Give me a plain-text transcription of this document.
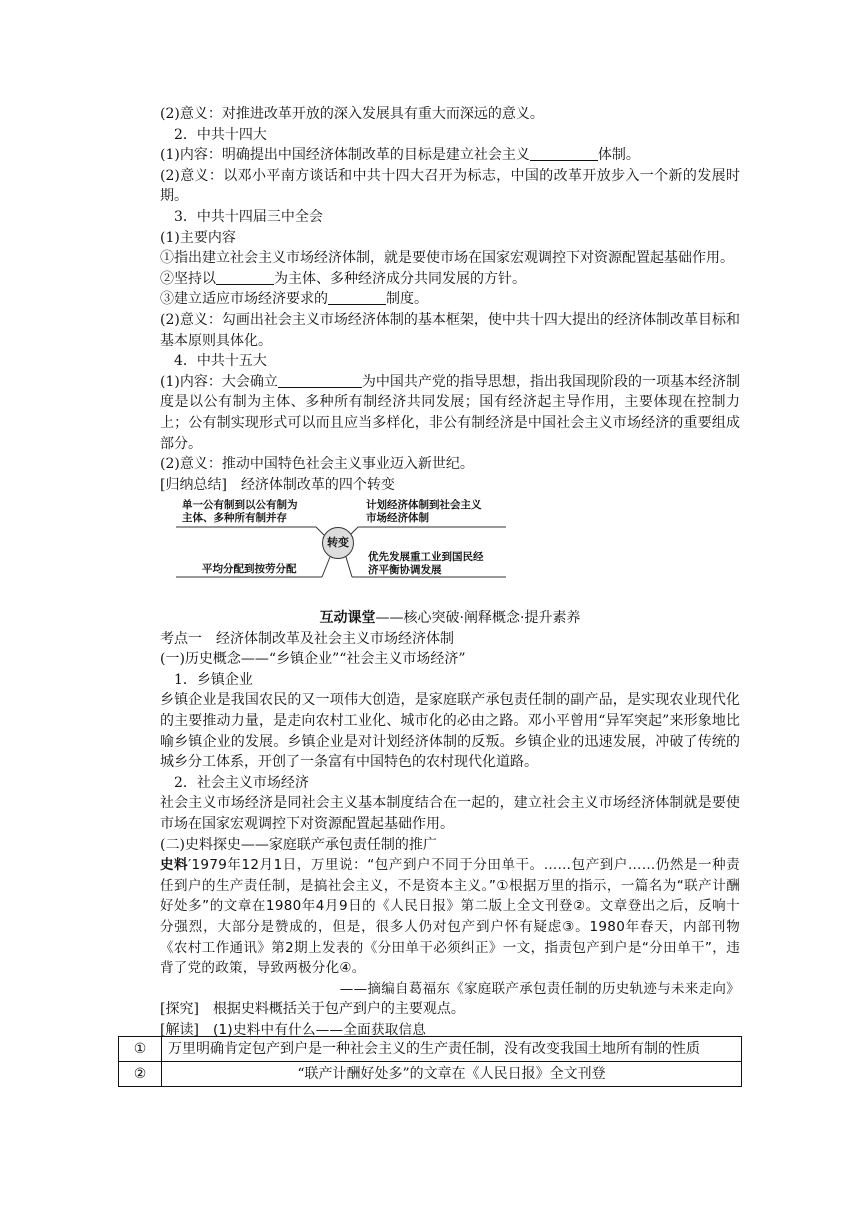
(2)意义：对推进改革开放的深入发展具有重大而深远的意义。

2．中共十四大

(1)内容：明确提出中国经济体制改革的目标是建立社会主义	体制。

(2)意义：以邓小平南方谈话和中共十四大召开为标志，中国的改革开放步入一个新的发展时期。

3．中共十四届三中全会

(1)主要内容

①指出建立社会主义市场经济体制，就是要使市场在国家宏观调控下对资源配置起基础作用。

②坚持以	为主体、多种经济成分共同发展的方针。

③建立适应市场经济要求的	制度。

(2)意义：勾画出社会主义市场经济体制的基本框架，使中共十四大提出的经济体制改革目标和基本原则具体化。

4．中共十五大

(1)内容：大会确立	为中国共产党的指导思想，指出我国现阶段的一项基本经济制度是以公有制为主体、多种所有制经济共同发展；国有经济起主导作用，主要体现在控制力上；公有制实现形式可以而且应当多样化，非公有制经济是中国社会主义市场经济的重要组成部分。

(2)意义：推动中国特色社会主义事业迈入新世纪。

[归纳总结]　 经济体制改革的四个转变

单一公有制到以公有制为
主体、多种所有制并存
计划经济体制到社会主义
市场经济体制
平均分配到按劳分配
优先发展重工业到国民经
济平衡协调发展
转变

互动课堂——核心突破·阐释概念·提升素养

考点一　经济体制改革及社会主义市场经济体制

(一)历史概念——“乡镇企业”“社会主义市场经济”

1．乡镇企业

乡镇企业是我国农民的又一项伟大创造，是家庭联产承包责任制的副产品，是实现农业现代化的主要推动力量，是走向农村工业化、城市化的必由之路。邓小平曾用“异军突起”来形象地比喻乡镇企业的发展。乡镇企业是对计划经济体制的反叛。乡镇企业的迅速发展，冲破了传统的城乡分工体系，开创了一条富有中国特色的农村现代化道路。

2．社会主义市场经济

社会主义市场经济是同社会主义基本制度结合在一起的，建立社会主义市场经济体制就是要使市场在国家宏观调控下对资源配置起基础作用。

(二)史料探史——家庭联产承包责任制的推广

史料′1979年12月1日，万里说：“包产到户不同于分田单干。……包产到户……仍然是一种责任到户的生产责任制，是搞社会主义，不是资本主义。”①根据万里的指示，一篇名为“联产计酬好处多”的文章在1980年4月9日的《人民日报》第二版上全文刊登②。文章登出之后，反响十分强烈，大部分是赞成的，但是，很多人仍对包产到户怀有疑虑③。1980年春天，内部刊物《农村工作通讯》第2期上发表的《分田单干必须纠正》一文，指责包产到户是“分田单干”，违背了党的政策，导致两极分化④。

——摘编自葛福东《家庭联产承包责任制的历史轨迹与未来走向》

[探究]　 根据史料概括关于包产到户的主要观点。

[解读]　 (1)史料中有什么——全面获取信息

①	万里明确肯定包产到户是一种社会主义的生产责任制，没有改变我国土地所有制的性质
②	“联产计酬好处多”的文章在《人民日报》全文刊登
